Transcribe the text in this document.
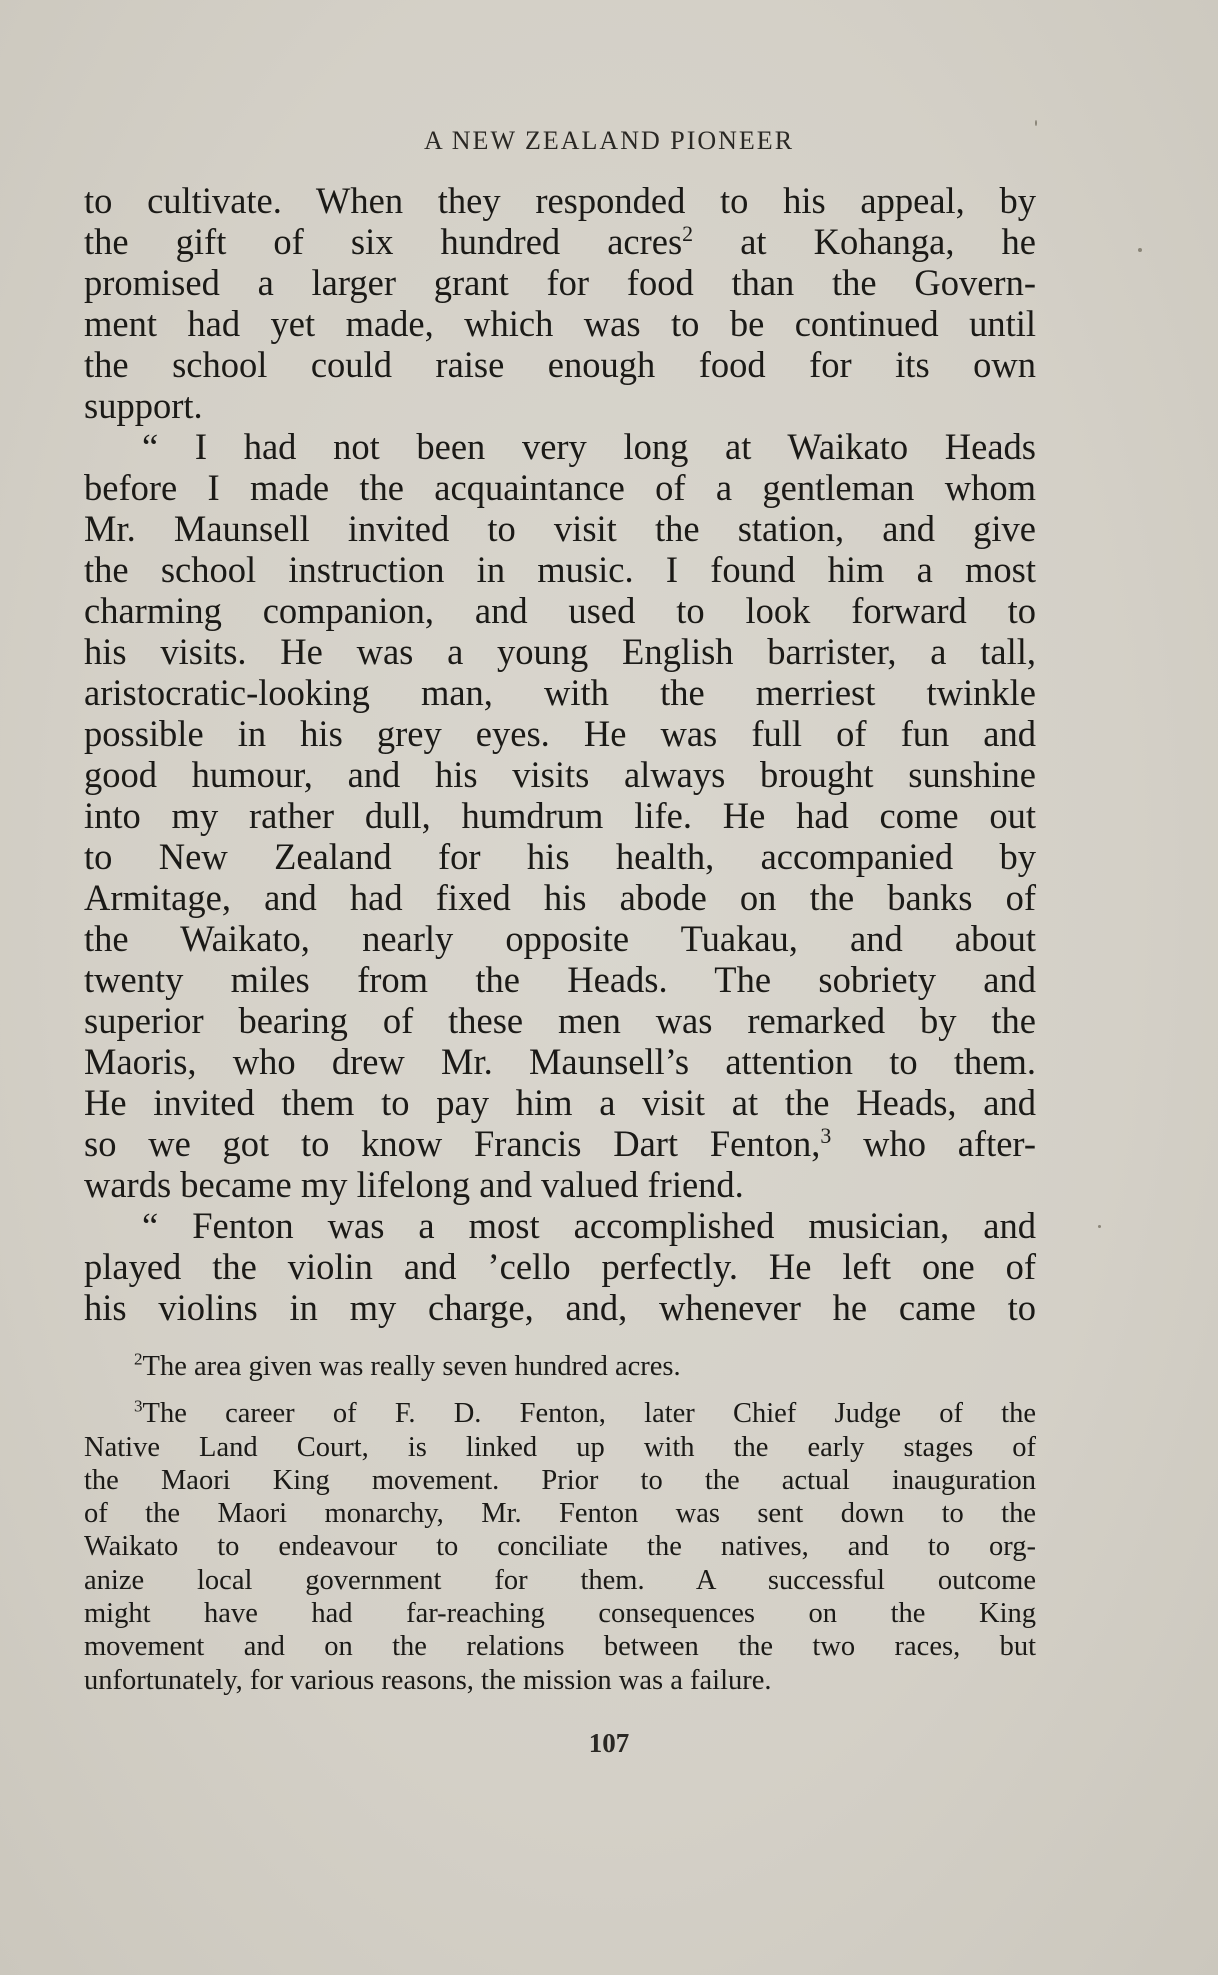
A NEW ZEALAND PIONEER
to cultivate. When they responded to his appeal, by
the gift of six hundred acres$^2$ at Kohanga, he
promised a larger grant for food than the Govern-
ment had yet made, which was to be continued until
the school could raise enough food for its own
support.
“ I had not been very long at Waikato Heads
before I made the acquaintance of a gentleman whom
Mr. Maunsell invited to visit the station, and give
the school instruction in music. I found him a most
charming companion, and used to look forward to
his visits. He was a young English barrister, a tall,
aristocratic-looking man, with the merriest twinkle
possible in his grey eyes. He was full of fun and
good humour, and his visits always brought sunshine
into my rather dull, humdrum life. He had come out
to New Zealand for his health, accompanied by
Armitage, and had fixed his abode on the banks of
the Waikato, nearly opposite Tuakau, and about
twenty miles from the Heads. The sobriety and
superior bearing of these men was remarked by the
Maoris, who drew Mr. Maunsell’s attention to them.
He invited them to pay him a visit at the Heads, and
so we got to know Francis Dart Fenton,$^3$ who after-
wards became my lifelong and valued friend.
“ Fenton was a most accomplished musician, and
played the violin and ’cello perfectly. He left one of
his violins in my charge, and, whenever he came to
$^2$The area given was really seven hundred acres.
$^3$The career of F. D. Fenton, later Chief Judge of the
Native Land Court, is linked up with the early stages of
the Maori King movement. Prior to the actual inauguration
of the Maori monarchy, Mr. Fenton was sent down to the
Waikato to endeavour to conciliate the natives, and to org-
anize local government for them. A successful outcome
might have had far-reaching consequences on the King
movement and on the relations between the two races, but
unfortunately, for various reasons, the mission was a failure.
107
